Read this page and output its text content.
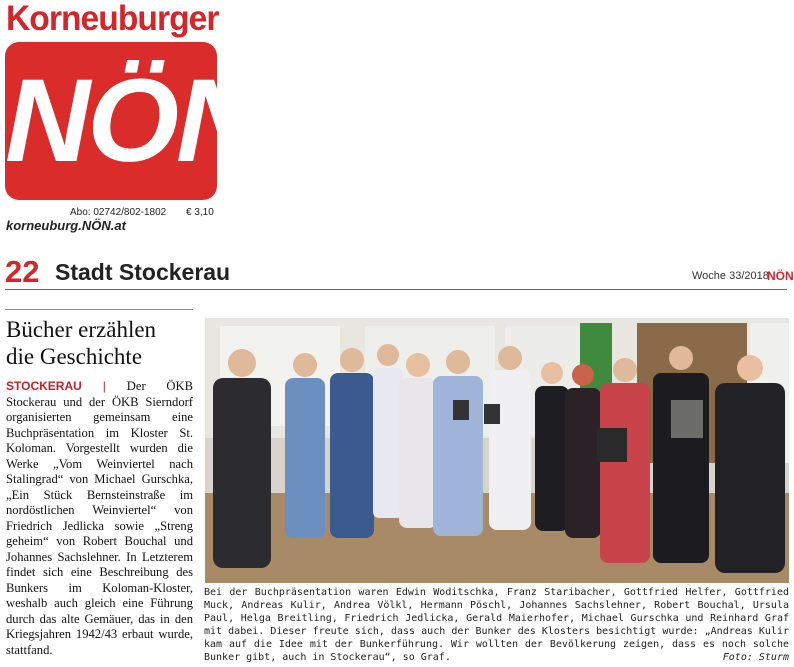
Korneuburger
NÖN
Abo: 02742/802-1802 € 3,10
korneuburg.NÖN.at
22 Stadt Stockerau	Woche 33/2018
NÖN
Bücher erzählen
die Geschichte
STOCKERAU | Der ÖKB Stockerau und der ÖKB Sierndorf organisierten gemeinsam eine Buchpräsentation im Kloster St. Koloman. Vorgestellt wurden die Werke „Vom Weinviertel nach Stalingrad“ von Michael Gurschka, „Ein Stück Bernsteinstraße im nordöstlichen Weinviertel“ von Friedrich Jedlicka sowie „Streng geheim“ von Robert Bouchal und Johannes Sachslehner. In Letzterem findet sich eine Beschreibung des Bunkers im Koloman-Kloster, weshalb auch gleich eine Führung durch das alte Gemäuer, das in den Kriegsjahren 1942/43 erbaut wurde, stattfand.
Bei der Buchpräsentation waren Edwin Woditschka, Franz Staribacher, Gottfried Helfer, Gottfried Muck, Andreas Kulir, Andrea Völkl, Hermann Pöschl, Johannes Sachslehner, Robert Bouchal, Ursula Paul, Helga Breitling, Friedrich Jedlicka, Gerald Maierhofer, Michael Gurschka und Reinhard Graf mit dabei. Dieser freute sich, dass auch der Bunker des Klosters besichtigt wurde: „Andreas Kulir kam auf die Idee mit der Bunkerführung. Wir wollten der Bevölkerung zeigen, dass es noch solche Bunker gibt, auch in Stockerau“, so Graf.	Foto: Sturm
